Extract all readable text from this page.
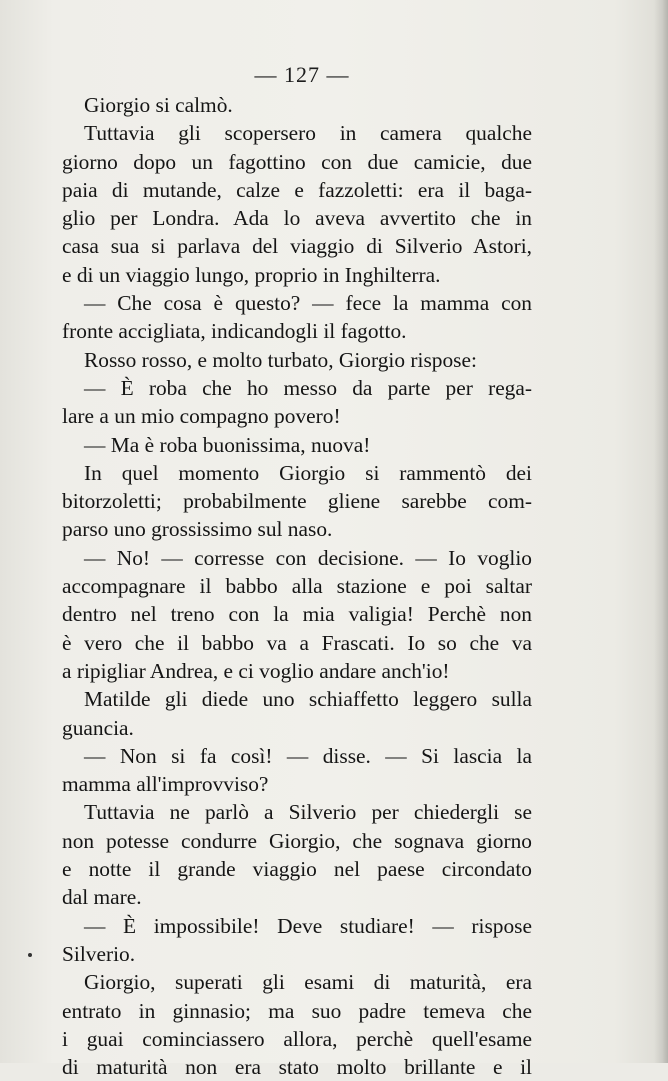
— 127 —
Giorgio si calmò.
Tuttavia gli scopersero in camera qualche
giorno dopo un fagottino con due camicie, due
paia di mutande, calze e fazzoletti: era il baga-
glio per Londra. Ada lo aveva avvertito che in
casa sua si parlava del viaggio di Silverio Astori,
e di un viaggio lungo, proprio in Inghilterra.
— Che cosa è questo? — fece la mamma con
fronte accigliata, indicandogli il fagotto.
Rosso rosso, e molto turbato, Giorgio rispose:
— È roba che ho messo da parte per rega-
lare a un mio compagno povero!
— Ma è roba buonissima, nuova!
In quel momento Giorgio si rammentò dei
bitorzoletti; probabilmente gliene sarebbe com-
parso uno grossissimo sul naso.
— No! — corresse con decisione. — Io voglio
accompagnare il babbo alla stazione e poi saltar
dentro nel treno con la mia valigia! Perchè non
è vero che il babbo va a Frascati. Io so che va
a ripigliar Andrea, e ci voglio andare anch'io!
Matilde gli diede uno schiaffetto leggero sulla
guancia.
— Non si fa così! — disse. — Si lascia la
mamma all'improvviso?
Tuttavia ne parlò a Silverio per chiedergli se
non potesse condurre Giorgio, che sognava giorno
e notte il grande viaggio nel paese circondato
dal mare.
— È impossibile! Deve studiare! — rispose
Silverio.
Giorgio, superati gli esami di maturità, era
entrato in ginnasio; ma suo padre temeva che
i guai cominciassero allora, perchè quell'esame
di maturità non era stato molto brillante e il
